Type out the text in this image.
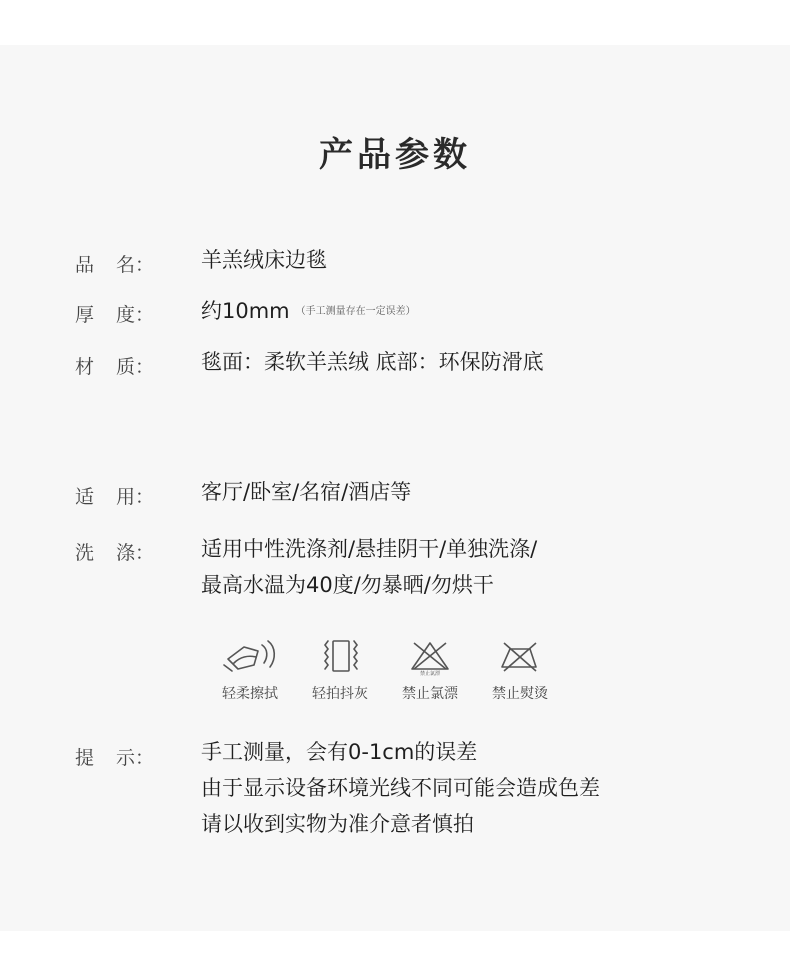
产品参数
品 名： 羊羔绒床边毯
厚 度： 约10mm （手工测量存在一定误差）
材 质： 毯面：柔软羊羔绒 底部：环保防滑底
适 用： 客厅/卧室/名宿/酒店等
洗 涤： 适用中性洗涤剂/悬挂阴干/单独洗涤/
最高水温为40度/勿暴晒/勿烘干
轻柔擦拭	轻拍抖灰
禁止氯漂
禁止氯漂	禁止熨烫
提 示： 手工测量，会有0-1cm的误差
由于显示设备环境光线不同可能会造成色差
请以收到实物为准介意者慎拍
